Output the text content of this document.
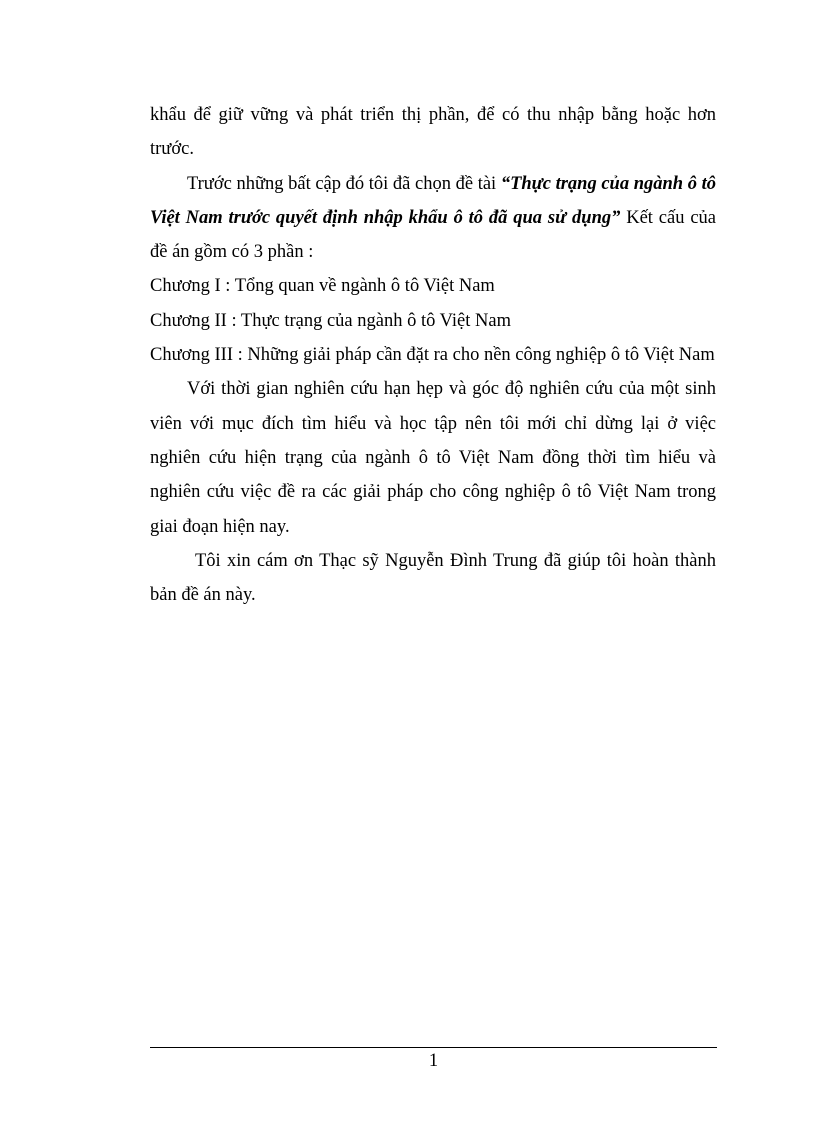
khẩu để giữ vững và phát triển thị phần, để có thu nhập bằng hoặc hơn trước.

Trước những bất cập đó tôi đã chọn đề tài “Thực trạng của ngành ô tô Việt Nam trước quyết định nhập khẩu ô tô đã qua sử dụng” Kết cấu của đề án gồm có 3 phần :

Chương I : Tổng quan về ngành ô tô Việt Nam

Chương II : Thực trạng của ngành ô tô Việt Nam

Chương III : Những giải pháp cần đặt ra cho nền công nghiệp ô tô Việt Nam

Với thời gian nghiên cứu hạn hẹp và góc độ nghiên cứu của một sinh viên với mục đích tìm hiểu và học tập nên tôi mới chỉ dừng lại ở việc nghiên cứu hiện trạng của ngành ô tô Việt Nam đồng thời tìm hiểu và nghiên cứu việc đề ra các giải pháp cho công nghiệp ô tô Việt Nam trong giai đoạn hiện nay.

Tôi xin cám ơn Thạc sỹ Nguyễn Đình Trung đã giúp tôi hoàn thành bản đề án này.

1
